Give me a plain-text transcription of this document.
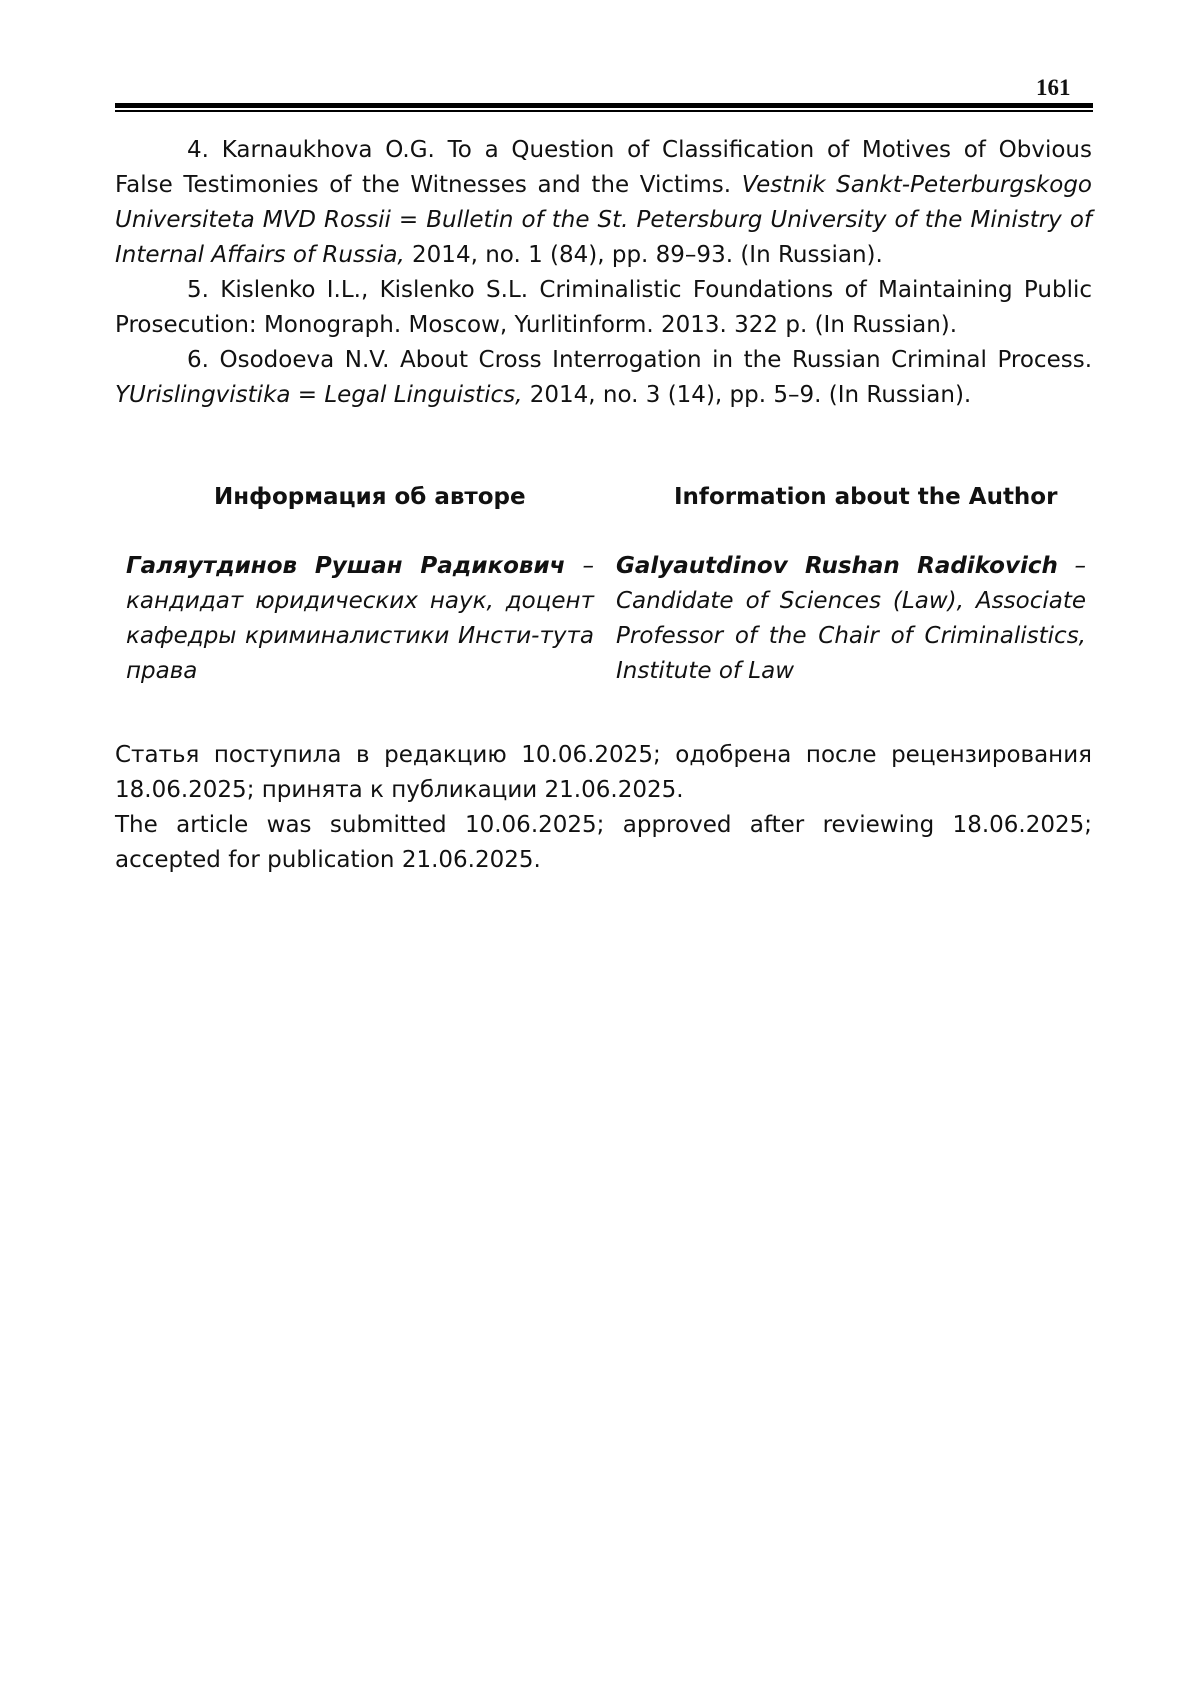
161

4. Karnaukhova O.G. To a Question of Classification of Motives of Obvious False Testimonies of the Witnesses and the Victims. Vestnik Sankt-Peterburgskogo Universiteta MVD Rossii = Bulletin of the St. Petersburg University of the Ministry of Internal Affairs of Russia, 2014, no. 1 (84), pp. 89–93. (In Russian).

5. Kislenko I.L., Kislenko S.L. Criminalistic Foundations of Maintaining Public Prosecution: Monograph. Moscow, Yurlitinform. 2013. 322 p. (In Russian).

6. Osodoeva N.V. About Cross Interrogation in the Russian Criminal Process. YUrislingvistika = Legal Linguistics, 2014, no. 3 (14), pp. 5–9. (In Russian).

Информация об авторе	Information about the Author
Галяутдинов Рушан Радикович – кандидат юридических наук, доцент кафедры криминалистики Инсти-тута права
Galyautdinov Rushan Radikovich – Candidate of Sciences (Law), Associate Professor of the Chair of Criminalistics, Institute of Law

Статья поступила в редакцию 10.06.2025; одобрена после рецензирования 18.06.2025; принята к публикации 21.06.2025.

The article was submitted 10.06.2025; approved after reviewing 18.06.2025; accepted for publication 21.06.2025.
